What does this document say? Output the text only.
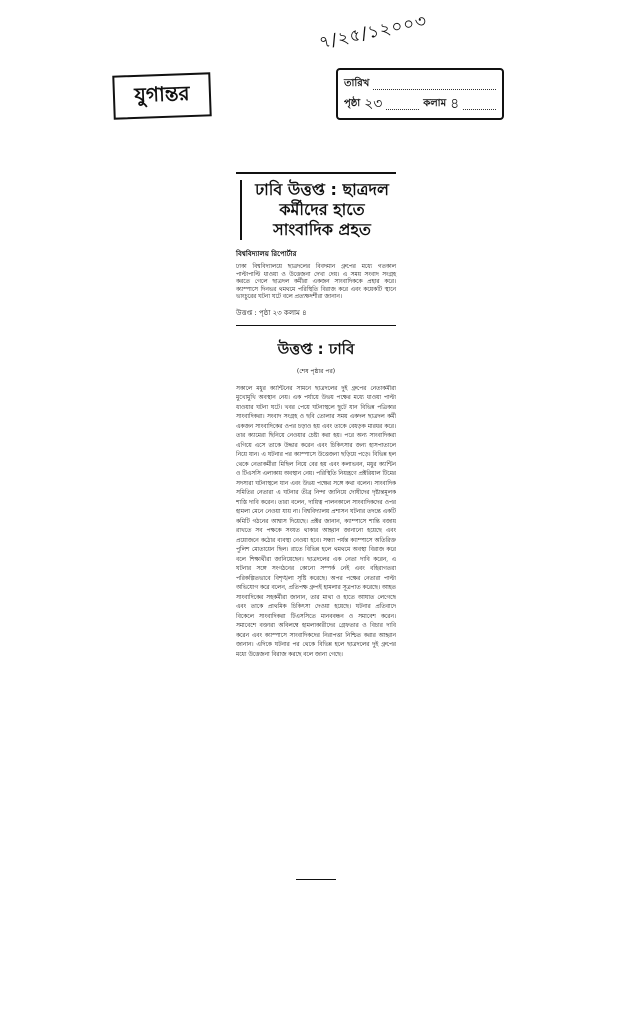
৭/২৫/১২০০৩
যুগান্তর	তারিখ
পৃষ্ঠা ২৩	কলাম ৪
ঢাবি উত্তপ্ত : ছাত্রদল
কর্মীদের হাতে
সাংবাদিক প্রহত
বিশ্ববিদ্যালয় রিপোর্টার
ঢাকা বিশ্ববিদ্যালয়ে ছাত্রদলের বিবদমান গ্রুপের মধ্যে গতকাল পাল্টাপাল্টি ধাওয়া ও উত্তেজনা দেখা দেয়। এ সময় সংবাদ সংগ্রহ করতে গেলে ছাত্রদল কর্মীরা একজন সাংবাদিককে প্রহার করে। ক্যাম্পাসে দিনভর থমথমে পরিস্থিতি বিরাজ করে এবং কয়েকটি স্থানে ভাংচুরের ঘটনা ঘটে বলে প্রত্যক্ষদর্শীরা জানান।
উত্তপ্ত : পৃষ্ঠা ২৩ কলাম ৪
উত্তপ্ত : ঢাবি
(শেষ পৃষ্ঠার পর)
সকালে মধুর ক্যান্টিনের সামনে ছাত্রদলের দুই গ্রুপের নেতাকর্মীরা মুখোমুখি অবস্থান নেয়। এক পর্যায়ে উভয় পক্ষের মধ্যে ধাওয়া পাল্টা ধাওয়ার ঘটনা ঘটে। খবর পেয়ে ঘটনাস্থলে ছুটে যান বিভিন্ন পত্রিকার সাংবাদিকরা। সংবাদ সংগ্রহ ও ছবি তোলার সময় একদল ছাত্রদল কর্মী একজন সাংবাদিকের ওপর চড়াও হয় এবং তাকে বেধড়ক মারধর করে। তার ক্যামেরা ছিনিয়ে নেওয়ার চেষ্টা করা হয়। পরে অন্য সাংবাদিকরা এগিয়ে এসে তাকে উদ্ধার করেন এবং চিকিৎসার জন্য হাসপাতালে নিয়ে যান। এ ঘটনার পর ক্যাম্পাসে উত্তেজনা ছড়িয়ে পড়ে। বিভিন্ন হল থেকে নেতাকর্মীরা মিছিল নিয়ে বের হয় এবং কলাভবন, মধুর ক্যান্টিন ও টিএসসি এলাকায় অবস্থান নেয়। পরিস্থিতি নিয়ন্ত্রণে প্রক্টরিয়াল টিমের সদস্যরা ঘটনাস্থলে যান এবং উভয় পক্ষের সঙ্গে কথা বলেন। সাংবাদিক সমিতির নেতারা এ ঘটনার তীব্র নিন্দা জানিয়ে দোষীদের দৃষ্টান্তমূলক শাস্তি দাবি করেন। তারা বলেন, দায়িত্ব পালনকালে সাংবাদিকদের ওপর হামলা মেনে নেওয়া যায় না। বিশ্ববিদ্যালয় প্রশাসন ঘটনার তদন্তে একটি কমিটি গঠনের আশ্বাস দিয়েছে। প্রক্টর জানান, ক্যাম্পাসে শান্তি বজায় রাখতে সব পক্ষকে সংযত থাকার আহ্বান জানানো হয়েছে এবং প্রয়োজনে কঠোর ব্যবস্থা নেওয়া হবে। সন্ধ্যা পর্যন্ত ক্যাম্পাসে অতিরিক্ত পুলিশ মোতায়েন ছিল। রাতে বিভিন্ন হলে থমথমে অবস্থা বিরাজ করে বলে শিক্ষার্থীরা জানিয়েছেন। ছাত্রদলের এক নেতা দাবি করেন, এ ঘটনার সঙ্গে সংগঠনের কোনো সম্পর্ক নেই এবং বহিরাগতরা পরিকল্পিতভাবে বিশৃঙ্খলা সৃষ্টি করেছে। অপর পক্ষের নেতারা পাল্টা অভিযোগ করে বলেন, প্রতিপক্ষ গ্রুপই হামলার সূত্রপাত করেছে। আহত সাংবাদিকের সহকর্মীরা জানান, তার মাথা ও হাতে আঘাত লেগেছে এবং তাকে প্রাথমিক চিকিৎসা দেওয়া হয়েছে। ঘটনার প্রতিবাদে বিকেলে সাংবাদিকরা টিএসসিতে মানববন্ধন ও সমাবেশ করেন। সমাবেশে বক্তারা অবিলম্বে হামলাকারীদের গ্রেফতার ও বিচার দাবি করেন এবং ক্যাম্পাসে সাংবাদিকদের নিরাপত্তা নিশ্চিত করার আহ্বান জানান। এদিকে ঘটনার পর থেকে বিভিন্ন হলে ছাত্রদলের দুই গ্রুপের মধ্যে উত্তেজনা বিরাজ করছে বলে জানা গেছে।
